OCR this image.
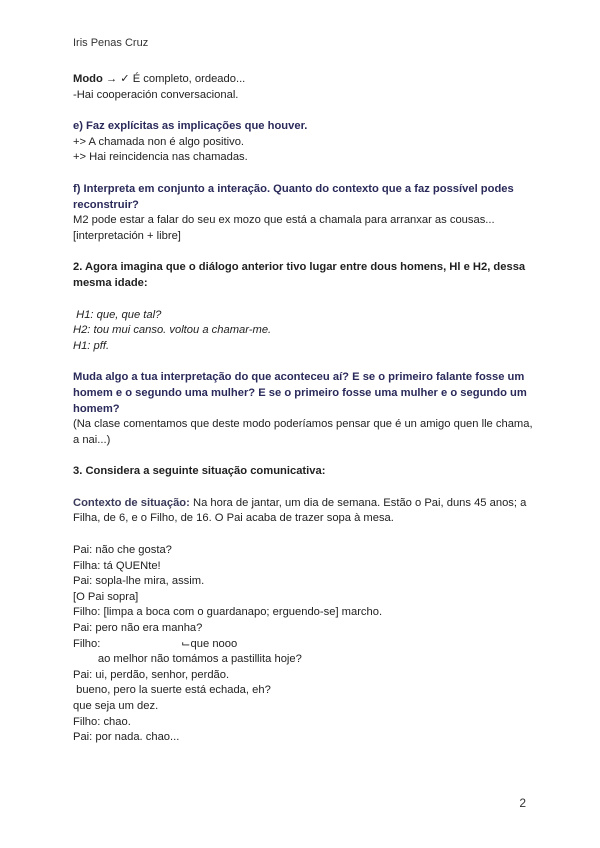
Iris Penas Cruz
Modo → ✓ É completo, ordeado...
-Hai cooperación conversacional.
e) Faz explícitas as implicações que houver.
+> A chamada non é algo positivo.
+> Hai reincidencia nas chamadas.
f) Interpreta em conjunto a interação. Quanto do contexto que a faz possível podes reconstruir?
M2 pode estar a falar do seu ex mozo que está a chamala para arranxar as cousas...
[interpretación + libre]
2. Agora imagina que o diálogo anterior tivo lugar entre dous homens, Hl e H2, dessa mesma idade:
H1: que, que tal?
H2: tou mui canso. voltou a chamar-me.
H1: pff.
Muda algo a tua interpretação do que aconteceu aí? E se o primeiro falante fosse um homem e o segundo uma mulher? E se o primeiro fosse uma mulher e o segundo um homem?
(Na clase comentamos que deste modo poderíamos pensar que é un amigo quen lle chama, a nai...)
3. Considera a seguinte situação comunicativa:
Contexto de situação: Na hora de jantar, um dia de semana. Estão o Pai, duns 45 anos; a Filha, de 6, e o Filho, de 16. O Pai acaba de trazer sopa à mesa.
Pai: não che gosta?
Filha: tá QUENte!
Pai: sopla-lhe mira, assim.
[O Pai sopra]
Filho: [limpa a boca com o guardanapo; erguendo-se] marcho.
Pai: pero não era manha?
Filho:                          ⌙que nooo
ao melhor não tomámos a pastillita hoje?
Pai: ui, perdão, senhor, perdão.
bueno, pero la suerte está echada, eh?
que seja um dez.
Filho: chao.
Pai: por nada. chao...
2
